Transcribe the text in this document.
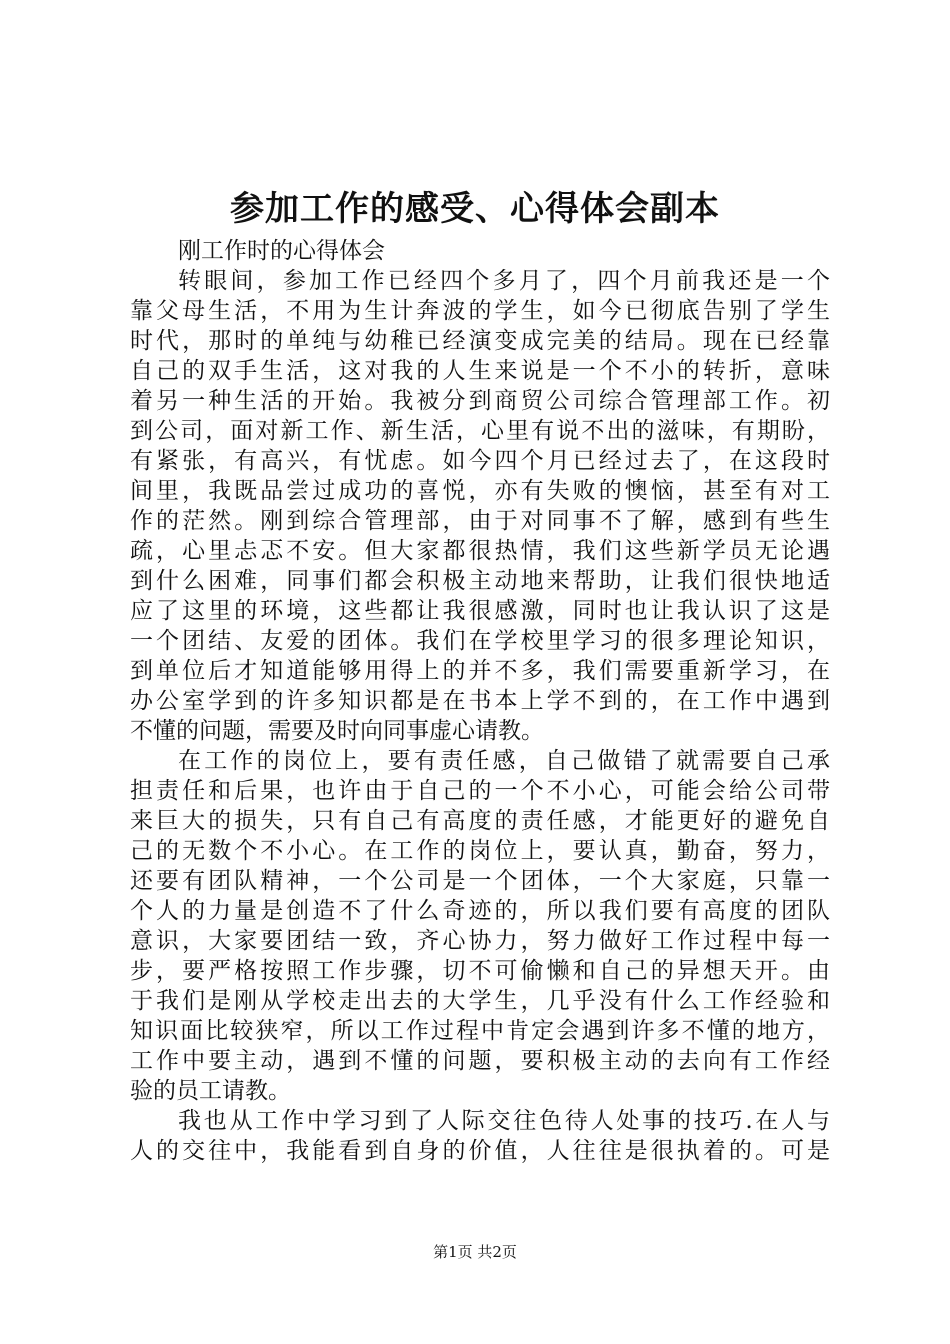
参加工作的感受、心得体会副本
刚工作时的心得体会
转眼间，参加工作已经四个多月了，四个月前我还是一个
靠父母生活，不用为生计奔波的学生，如今已彻底告别了学生
时代，那时的单纯与幼稚已经演变成完美的结局。现在已经靠
自己的双手生活，这对我的人生来说是一个不小的转折，意味
着另一种生活的开始。我被分到商贸公司综合管理部工作。初
到公司，面对新工作、新生活，心里有说不出的滋味，有期盼，
有紧张，有高兴，有忧虑。如今四个月已经过去了，在这段时
间里，我既品尝过成功的喜悦，亦有失败的懊恼，甚至有对工
作的茫然。刚到综合管理部，由于对同事不了解，感到有些生
疏，心里忐忑不安。但大家都很热情，我们这些新学员无论遇
到什么困难，同事们都会积极主动地来帮助，让我们很快地适
应了这里的环境，这些都让我很感激，同时也让我认识了这是
一个团结、友爱的团体。我们在学校里学习的很多理论知识，
到单位后才知道能够用得上的并不多，我们需要重新学习，在
办公室学到的许多知识都是在书本上学不到的，在工作中遇到
不懂的问题，需要及时向同事虚心请教。
在工作的岗位上，要有责任感，自己做错了就需要自己承
担责任和后果，也许由于自己的一个不小心，可能会给公司带
来巨大的损失，只有自己有高度的责任感，才能更好的避免自
己的无数个不小心。在工作的岗位上，要认真，勤奋，努力，
还要有团队精神，一个公司是一个团体，一个大家庭，只靠一
个人的力量是创造不了什么奇迹的，所以我们要有高度的团队
意识，大家要团结一致，齐心协力，努力做好工作过程中每一
步，要严格按照工作步骤，切不可偷懒和自己的异想天开。由
于我们是刚从学校走出去的大学生，几乎没有什么工作经验和
知识面比较狭窄，所以工作过程中肯定会遇到许多不懂的地方，
工作中要主动，遇到不懂的问题，要积极主动的去向有工作经
验的员工请教。
我也从工作中学习到了人际交往色待人处事的技巧.在人与
人的交往中，我能看到自身的价值，人往往是很执着的。可是
第1页 共2页
